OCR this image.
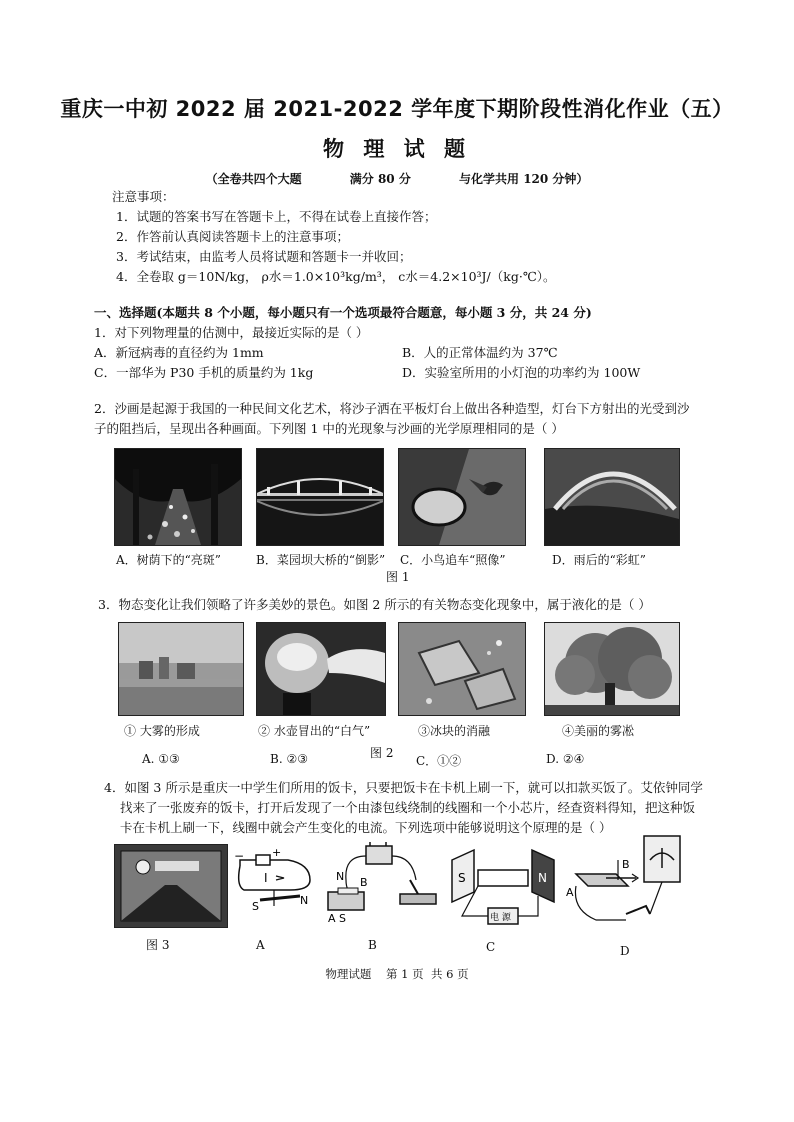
重庆一中初 2022 届 2021-2022 学年度下期阶段性消化作业（五）
物 理 试 题
（全卷共四个大题	满分 80 分	与化学共用 120 分钟）
注意事项：
1．试题的答案书写在答题卡上，不得在试卷上直接作答；
2．作答前认真阅读答题卡上的注意事项；
3．考试结束，由监考人员将试题和答题卡一并收回；
4．全卷取 g＝10N/kg， ρ水＝1.0×10³kg/m³， c水＝4.2×10³J/（kg·℃）。
一、选择题(本题共 8 个小题，每小题只有一个选项最符合题意，每小题 3 分，共 24 分)
1．对下列物理量的估测中，最接近实际的是（ ）
A．新冠病毒的直径约为 1mm	B．人的正常体温约为 37℃
C．一部华为 P30 手机的质量约为 1kg	D．实验室所用的小灯泡的功率约为 100W
2．沙画是起源于我国的一种民间文化艺术，将沙子洒在平板灯台上做出各种造型，灯台下方射出的光受到沙
子的阻挡后，呈现出各种画面。下列图 1 中的光现象与沙画的光学原理相同的是（ ）
A．树荫下的“亮斑”	B．菜园坝大桥的“倒影” C．小鸟追车“照像”	D．雨后的“彩虹”
图 1
3．物态变化让我们领略了许多美妙的景色。如图 2 所示的有关物态变化现象中，属于液化的是（ ）
① 大雾的形成	② 水壶冒出的“白气”	③冰块的消融	④美丽的雾凇
A. ①③	图 2
B. ②③	C．①②	D. ②④
4．如图 3 所示是重庆一中学生们所用的饭卡，只要把饭卡在卡机上刷一下，就可以扣款买饭了。艾依钟同学
找来了一张废弃的饭卡，打开后发现了一个由漆包线绕制的线圈和一个小芯片，经查资料得知，把这种饭
卡在卡机上刷一下，线圈中就会产生变化的电流。下列选项中能够说明这个原理的是（ ）
图 3
−	+
I
S	N
A
N
A S
B
B
S	N
电 源
C
B
A
D
物理试题    第 1 页  共 6 页
